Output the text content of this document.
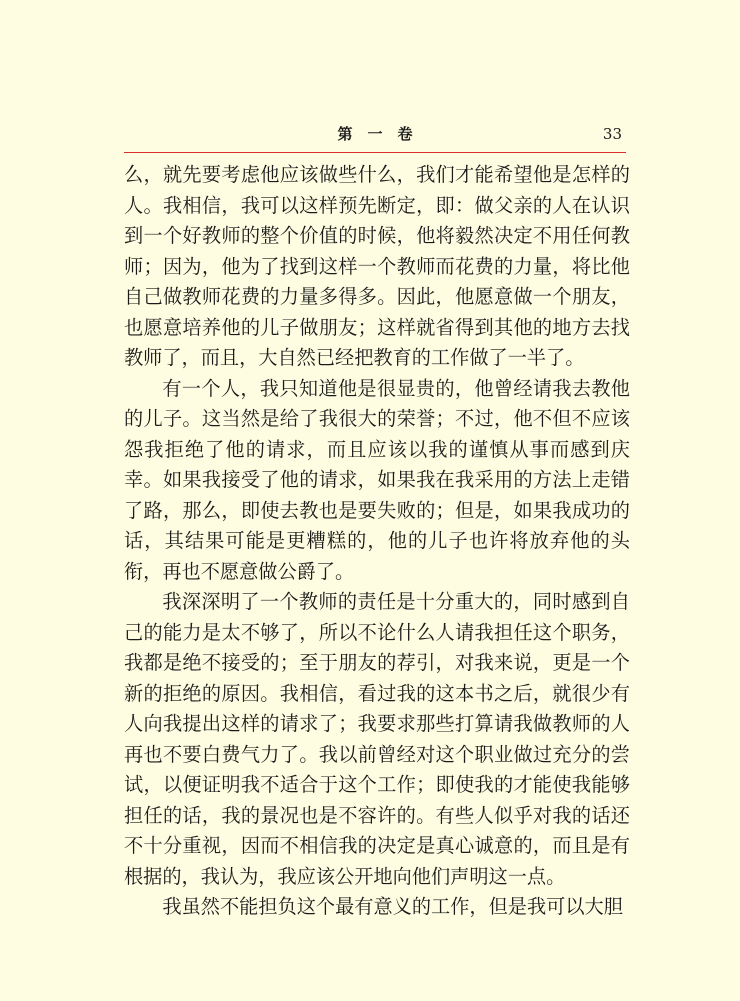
第　一　卷	33

么，就先要考虑他应该做些什么，我们才能希望他是怎样的人。我相信，我可以这样预先断定，即：做父亲的人在认识到一个好教师的整个价值的时候，他将毅然决定不用任何教师；因为，他为了找到这样一个教师而花费的力量，将比他自己做教师花费的力量多得多。因此，他愿意做一个朋友，也愿意培养他的儿子做朋友；这样就省得到其他的地方去找教师了，而且，大自然已经把教育的工作做了一半了。

有一个人，我只知道他是很显贵的，他曾经请我去教他的儿子。这当然是给了我很大的荣誉；不过，他不但不应该怨我拒绝了他的请求，而且应该以我的谨慎从事而感到庆幸。如果我接受了他的请求，如果我在我采用的方法上走错了路，那么，即使去教也是要失败的；但是，如果我成功的话，其结果可能是更糟糕的，他的儿子也许将放弃他的头衔，再也不愿意做公爵了。

我深深明了一个教师的责任是十分重大的，同时感到自己的能力是太不够了，所以不论什么人请我担任这个职务，我都是绝不接受的；至于朋友的荐引，对我来说，更是一个新的拒绝的原因。我相信，看过我的这本书之后，就很少有人向我提出这样的请求了；我要求那些打算请我做教师的人再也不要白费气力了。我以前曾经对这个职业做过充分的尝试，以便证明我不适合于这个工作；即使我的才能使我能够担任的话，我的景况也是不容许的。有些人似乎对我的话还不十分重视，因而不相信我的决定是真心诚意的，而且是有根据的，我认为，我应该公开地向他们声明这一点。

我虽然不能担负这个最有意义的工作，但是我可以大胆
